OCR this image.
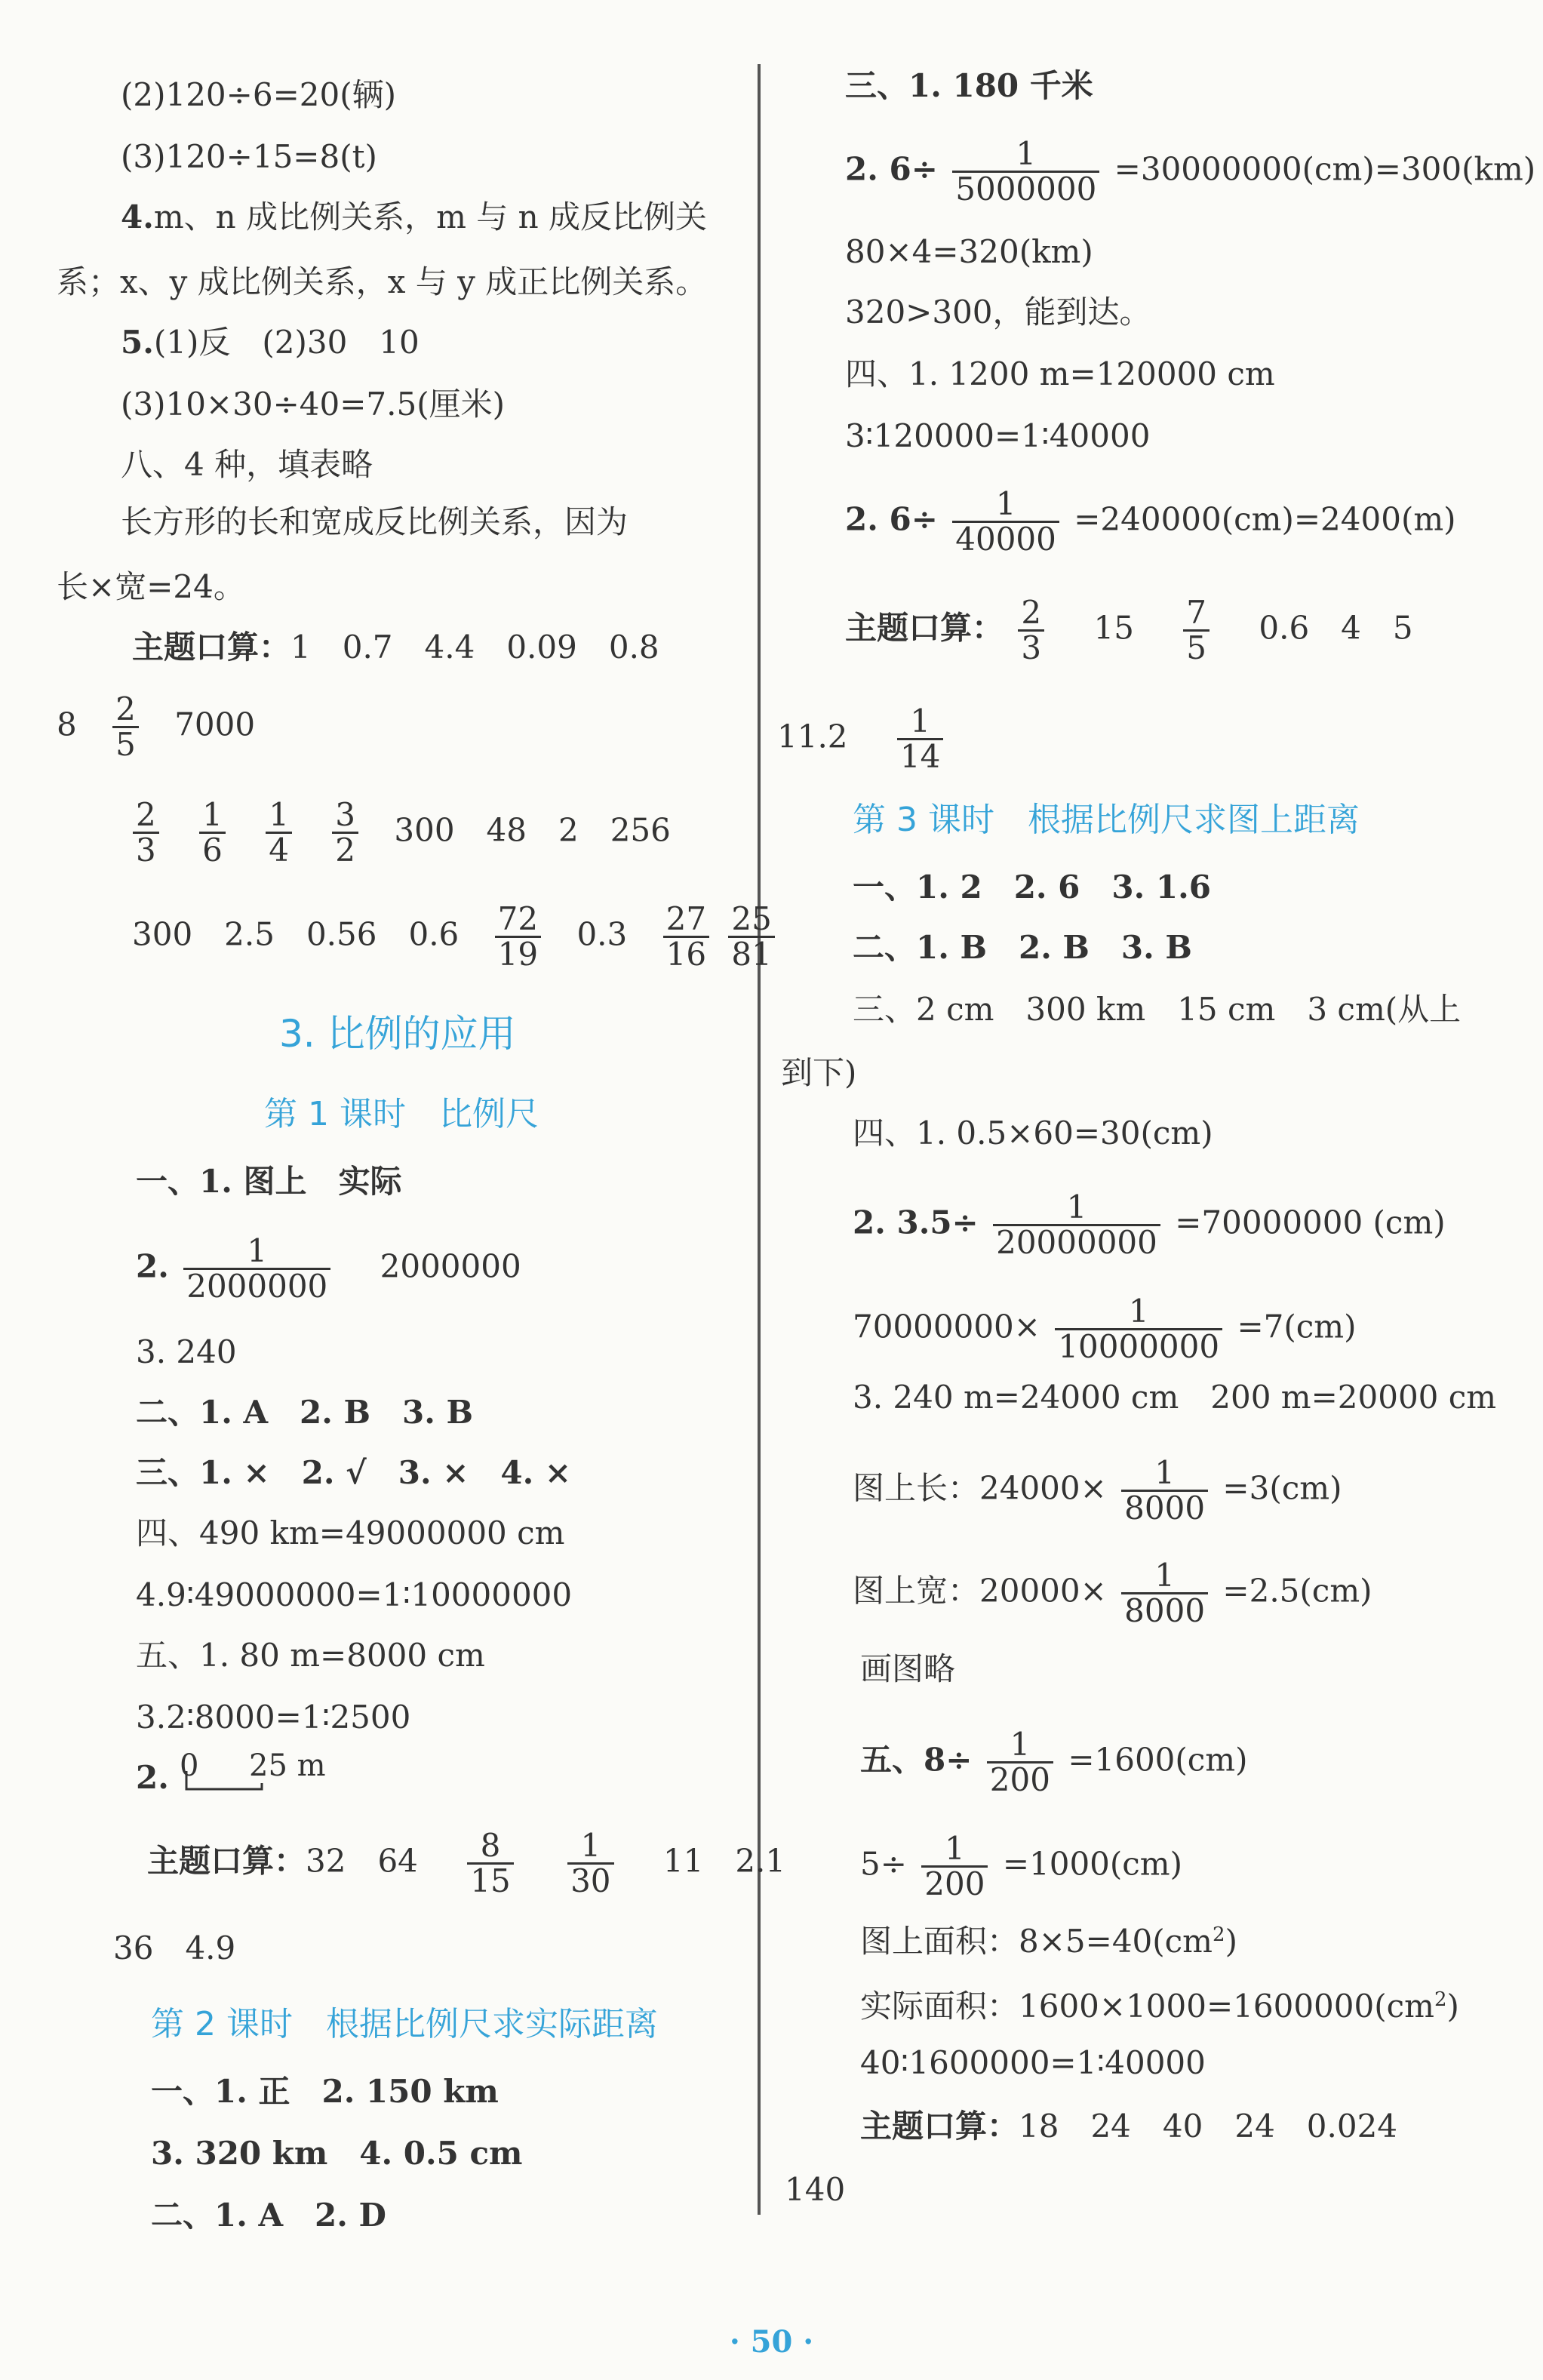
(2)120÷6=20(辆)
(3)120÷15=8(t)
4.m、n 成比例关系，m 与 n 成反比例关
系；x、y 成比例关系，x 与 y 成正比例关系。
5.(1)反　(2)30　10
(3)10×30÷40=7.5(厘米)
八、4 种，填表略
长方形的长和宽成反比例关系，因为
长×宽=24。
主题口算：1　0.7　4.4　0.09　0.8
$8 \frac{2}{5} 7000$
$\frac{2}{3}$
$\frac{1}{6}$
$\frac{1}{4}$
$\frac{3}{2} 300$　48　2　256
300　2.5　0.56　$0.6 \frac{72}{19} 0.3 \frac{27}{16}$
$\frac{25}{81}$
3. 比例的应用
第 1 课时　比例尺
一、1. 图上　实际
2. $\frac{1}{2000000} 2000000$
3. 240
二、1. A　2. B　3. B
三、1. ×　2. √　3. ×　4. ×
四、490 km=49000000 cm
4.9∶49000000=1∶10000000
五、1. 80 m=8000 cm
3.2∶8000=1∶2500
2. 0 25 m
主题口算：32　$64 \frac{8}{15}$
$\frac{1}{30} 11$　2.1
36　4.9
第 2 课时　根据比例尺求实际距离
一、1. 正　2. 150 km
3. 320 km　4. 0.5 cm
二、1. A　2. D
三、1. 180 千米
2. $6\div \frac{1}{5000000} =30000000(cm)=300(km)$
80×4=320(km)
320>300，能到达。
四、1. 1200 m=120000 cm
3∶120000=1∶40000
2. $6\div \frac{1}{40000} =240000(cm)=2400(m)$
主题口算： $\frac{2}{3} 15 \frac{7}{5} 0.6$　4　5
$11.2 \frac{1}{14}$
第 3 课时　根据比例尺求图上距离
一、1. 2　2. 6　3. 1.6
二、1. B　2. B　3. B
三、2 cm　300 km　15 cm　3 cm(从上
到下)
四、1. 0.5×60=30(cm)
2. $3.5\div \frac{1}{20000000} =70000000$ (cm)
$70000000\times \frac{1}{10000000} =7(cm)$
3. 240 m=24000 cm　200 m=20000 cm
图上长：$24000\times \frac{1}{8000} =3(cm)$
图上宽：$20000\times \frac{1}{8000} =2.5(cm)$
画图略
五、$8\div \frac{1}{200} =1600(cm)$
$5\div \frac{1}{200} =1000(cm)$
图上面积：$8\times 5=40(cm^2)$
实际面积：$1600\times 1000=1600000(cm^2)$
40∶1600000=1∶40000
主题口算：18　24　40　24　0.024
140
· 50 ·
